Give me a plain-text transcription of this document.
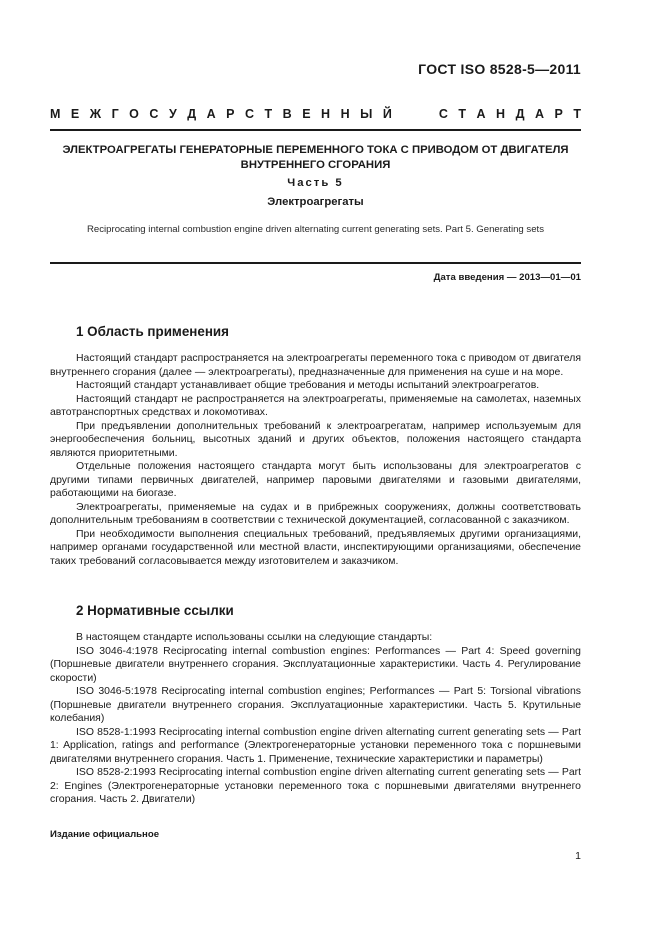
ГОСТ ISO 8528-5—2011
М Е Ж Г О С У Д А Р С Т В Е Н Н Ы Й	С Т А Н Д А Р Т
ЭЛЕКТРОАГРЕГАТЫ ГЕНЕРАТОРНЫЕ ПЕРЕМЕННОГО ТОКА С ПРИВОДОМ ОТ ДВИГАТЕЛЯ
ВНУТРЕННЕГО СГОРАНИЯ
Часть 5
Электроагрегаты
Reciprocating internal combustion engine driven alternating current generating sets. Part 5. Generating sets
Дата введения — 2013—01—01
1 Область применения

Настоящий стандарт распространяется на электроагрегаты переменного тока с приводом от двигателя внутреннего сгорания (далее — электроагрегаты), предназначенные для применения на суше и на море.

Настоящий стандарт устанавливает общие требования и методы испытаний электроагрегатов.

Настоящий стандарт не распространяется на электроагрегаты, применяемые на самолетах, наземных автотранспортных средствах и локомотивах.

При предъявлении дополнительных требований к электроагрегатам, например используемым для энергообеспечения больниц, высотных зданий и других объектов, положения настоящего стандарта являются приоритетными.

Отдельные положения настоящего стандарта могут быть использованы для электроагрегатов с другими типами первичных двигателей, например паровыми двигателями и газовыми двигателями, работающими на биогазе.

Электроагрегаты, применяемые на судах и в прибрежных сооружениях, должны соответствовать дополнительным требованиям в соответствии с технической документацией, согласованной с заказчиком.

При необходимости выполнения специальных требований, предъявляемых другими организациями, например органами государственной или местной власти, инспектирующими организациями, обеспечение таких требований согласовывается между изготовителем и заказчиком.

2 Нормативные ссылки

В настоящем стандарте использованы ссылки на следующие стандарты:

ISO 3046-4:1978 Reciprocating internal combustion engines: Performances — Part 4: Speed governing (Поршневые двигатели внутреннего сгорания. Эксплуатационные характеристики. Часть 4. Регулирование скорости)

ISO 3046-5:1978 Reciprocating internal combustion engines; Performances — Part 5: Torsional vibrations (Поршневые двигатели внутреннего сгорания. Эксплуатационные характеристики. Часть 5. Крутильные колебания)

ISO 8528-1:1993 Reciprocating internal combustion engine driven alternating current generating sets — Part 1: Application, ratings and performance (Электрогенераторные установки переменного тока с поршневыми двигателями внутреннего сгорания. Часть 1. Применение, технические характеристики и параметры)

ISO 8528-2:1993 Reciprocating internal combustion engine driven alternating current generating sets — Part 2: Engines (Электрогенераторные установки переменного тока с поршневыми двигателями внутреннего сгорания. Часть 2. Двигатели)

Издание официальное
1
